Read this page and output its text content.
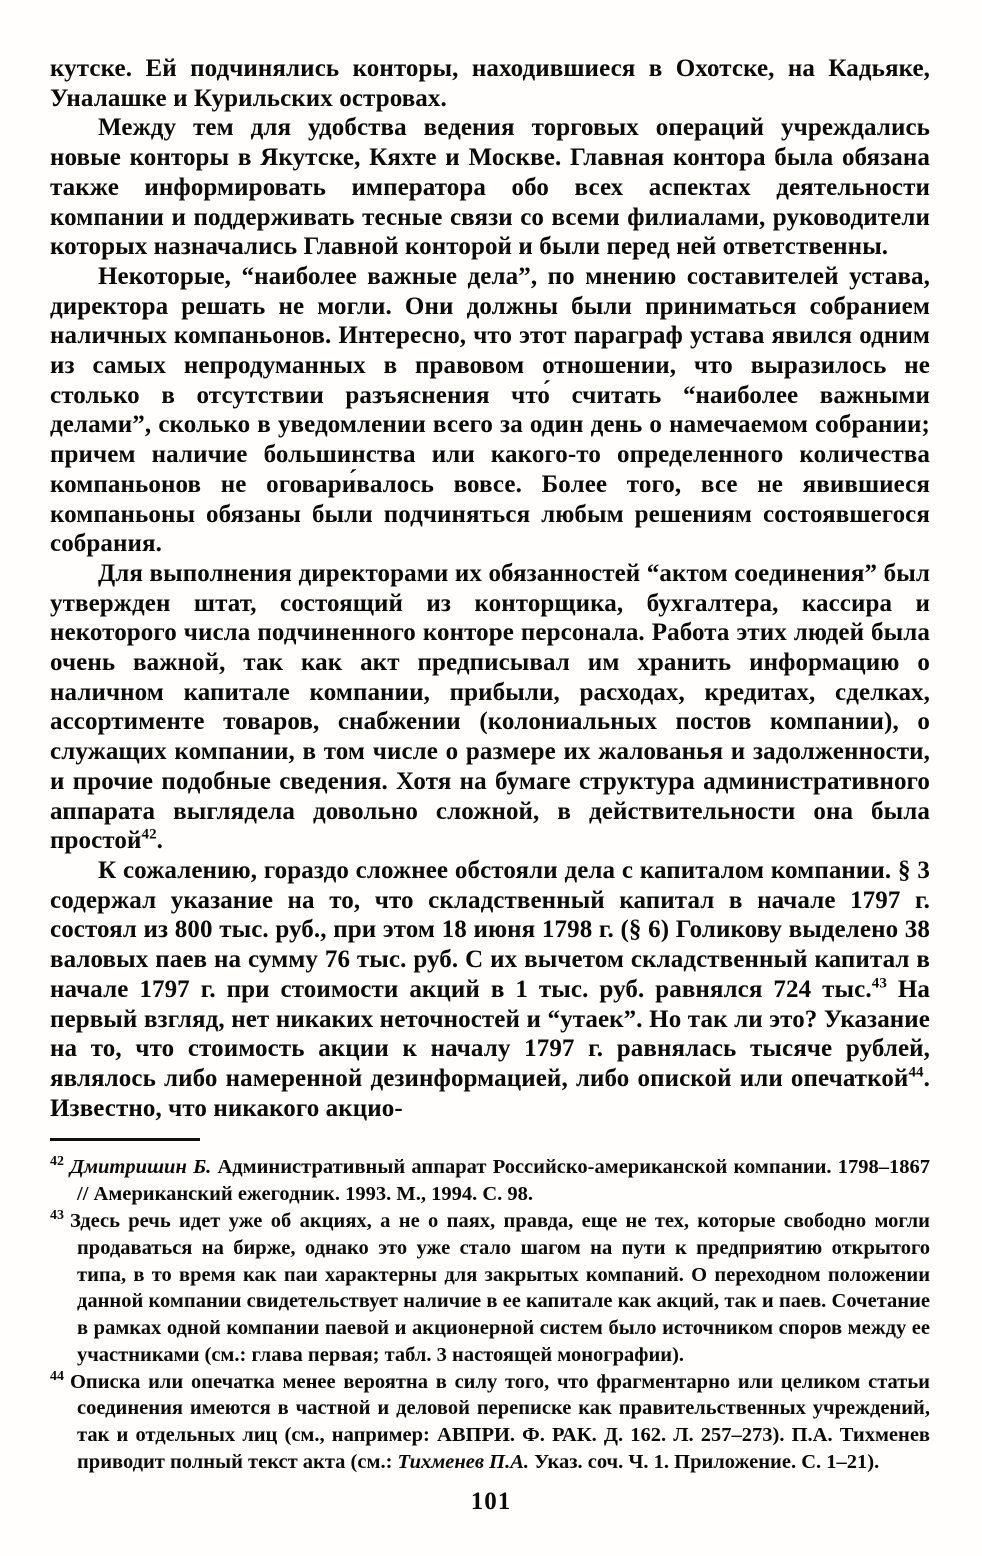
кутске. Ей подчинялись конторы, находившиеся в Охотске, на Кадьяке, Уналашке и Курильских островах.

Между тем для удобства ведения торговых операций учреждались новые конторы в Якутске, Кяхте и Москве. Главная контора была обязана также информировать императора обо всех аспектах деятельности компании и поддерживать тесные связи со всеми филиалами, руководители которых назначались Главной конторой и были перед ней ответственны.

Некоторые, “наиболее важные дела”, по мнению составителей устава, директора решать не могли. Они должны были приниматься собранием наличных компаньонов. Интересно, что этот параграф устава явился одним из самых непродуманных в правовом отношении, что выразилось не столько в отсутствии разъяснения что́ считать “наиболее важными делами”, сколько в уведомлении всего за один день о намечаемом собрании; причем наличие большинства или какого-то определенного количества компаньонов не оговари́валось вовсе. Более того, все не явившиеся компаньоны обязаны были подчиняться любым решениям состоявшегося собрания.

Для выполнения директорами их обязанностей “актом соединения” был утвержден штат, состоящий из конторщика, бухгалтера, кассира и некоторого числа подчиненного конторе персонала. Работа этих людей была очень важной, так как акт предписывал им хранить информацию о наличном капитале компании, прибыли, расходах, кредитах, сделках, ассортименте товаров, снабжении (колониальных постов компании), о служащих компании, в том числе о размере их жалованья и задолженности, и прочие подобные сведения. Хотя на бумаге структура административного аппарата выглядела довольно сложной, в действительности она была простой$^{42}$.

К сожалению, гораздо сложнее обстояли дела с капиталом компании. § 3 содержал указание на то, что складственный капитал в начале 1797 г. состоял из 800 тыс. руб., при этом 18 июня 1798 г. (§ 6) Голикову выделено 38 валовых паев на сумму 76 тыс. руб. С их вычетом складственный капитал в начале 1797 г. при стоимости акций в 1 тыс. руб. равнялся 724 тыс.$^{43}$ На первый взгляд, нет никаких неточностей и “утаек”. Но так ли это? Указание на то, что стоимость акции к началу 1797 г. равнялась тысяче рублей, являлось либо намеренной дезинформацией, либо опиской или опечаткой$^{44}$. Известно, что никакого акцио-

$^{42}$ Дмитришин Б. Административный аппарат Российско-американской компании. 1798–1867 // Американский ежегодник. 1993. М., 1994. С. 98.

$^{43}$ Здесь речь идет уже об акциях, а не о паях, правда, еще не тех, которые свободно могли продаваться на бирже, однако это уже стало шагом на пути к предприятию открытого типа, в то время как паи характерны для закрытых компаний. О переходном положении данной компании свидетельствует наличие в ее капитале как акций, так и паев. Сочетание в рамках одной компании паевой и акционерной систем было источником споров между ее участниками (см.: глава первая; табл. 3 настоящей монографии).

$^{44}$ Описка или опечатка менее вероятна в силу того, что фрагментарно или целиком статьи соединения имеются в частной и деловой переписке как правительственных учреждений, так и отдельных лиц (см., например: АВПРИ. Ф. РАК. Д. 162. Л. 257–273). П.А. Тихменев приводит полный текст акта (см.: Тихменев П.А. Указ. соч. Ч. 1. Приложение. С. 1–21).

101
